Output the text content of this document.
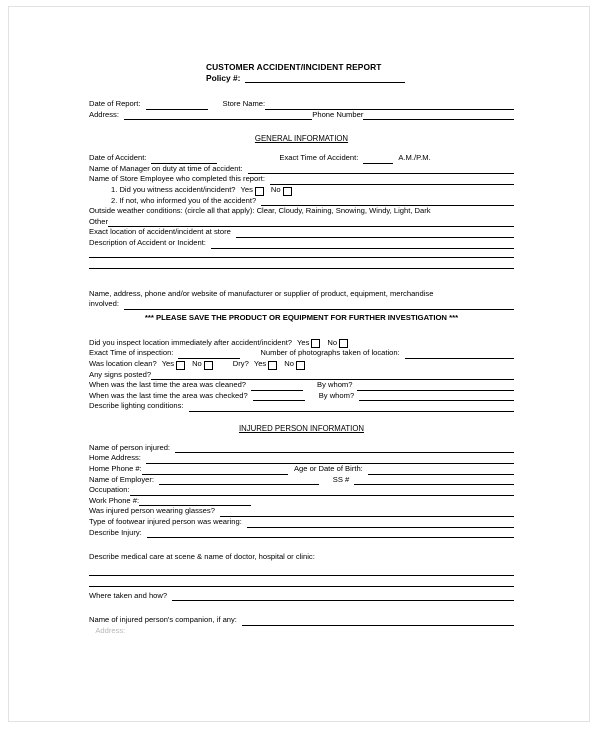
CUSTOMER ACCIDENT/INCIDENT REPORT
Policy #:
Date of Report:	Store Name:
Address:	Phone Number
GENERAL INFORMATION
Date of Accident:	Exact Time of Accident:	A.M./P.M.
Name of Manager on duty at time of accident:
Name of Store Employee who completed this report:
1. Did you witness accident/incident? Yes No
2. If not, who informed you of the accident?
Outside weather conditions: (circle all that apply): Clear, Cloudy, Raining, Snowing, Windy, Light, Dark
Other
Exact location of accident/incident at store
Description of Accident or Incident:
Name, address, phone and/or website of manufacturer or supplier of product, equipment, merchandise
involved:
*** PLEASE SAVE THE PRODUCT OR EQUIPMENT FOR FURTHER INVESTIGATION ***
Did you inspect location immediately after accident/incident? Yes No
Exact Time of inspection:	Number of photographs taken of location:
Was location clean? Yes No	Dry? Yes No
Any signs posted?
When was the last time the area was cleaned?	By whom?
When was the last time the area was checked?	By whom?
Describe lighting conditions:
INJURED PERSON INFORMATION
Name of person injured:
Home Address:
Home Phone #:	Age or Date of Birth:
Name of Employer:	SS #
Occupation:
Work Phone #:
Was injured person wearing glasses?
Type of footwear injured person was wearing:
Describe Injury:
Describe medical care at scene & name of doctor, hospital or clinic:
Where taken and how?
Name of injured person's companion, if any:
Address:
